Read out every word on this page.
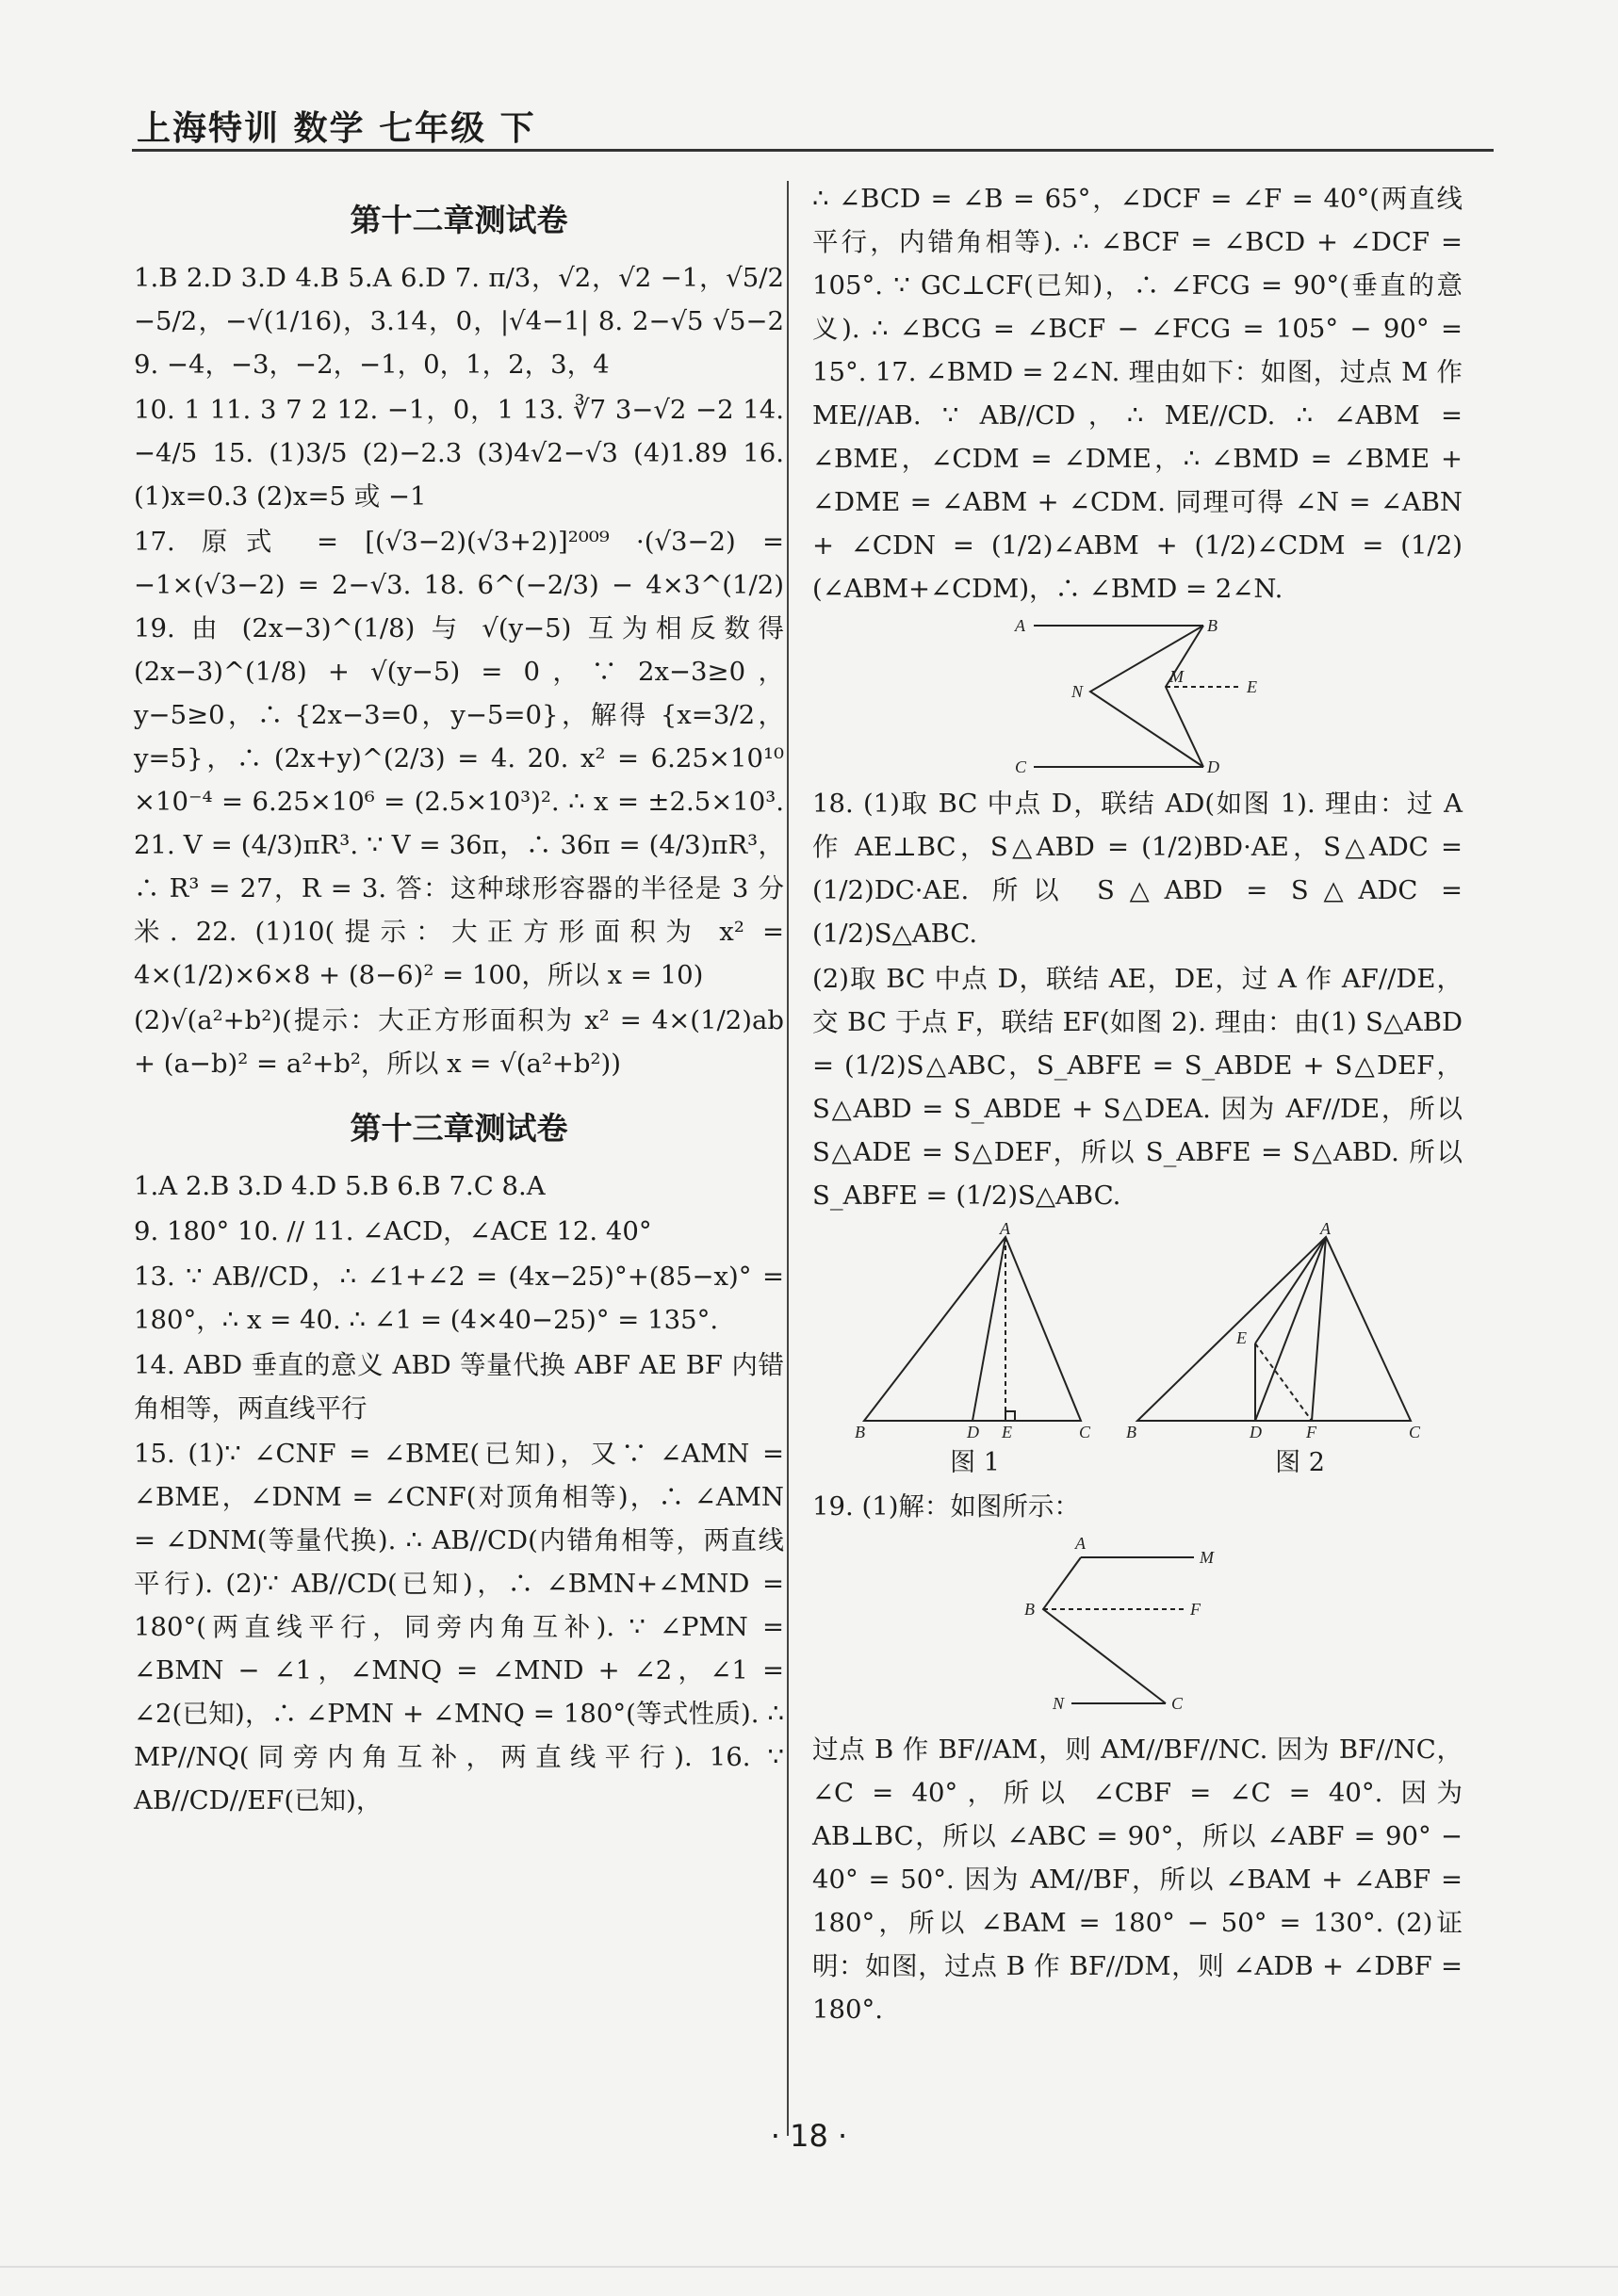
上海特训 数学 七年级 下
第十二章测试卷
1.B 2.D 3.D 4.B 5.A 6.D 7. π/3，√2，√2 −1，√5/2 −5/2，−√(1/16)，3.14，0，|√4−1| 8. 2−√5 √5−2 9. −4，−3，−2，−1，0，1，2，3，4
10. 1 11. 3 7 2 12. −1，0，1 13. ∛7 3−√2 −2 14. −4/5 15. (1)3/5 (2)−2.3 (3)4√2−√3 (4)1.89 16. (1)x=0.3 (2)x=5 或 −1
17. 原式 = [(√3−2)(√3+2)]²⁰⁰⁹ ·(√3−2) = −1×(√3−2) = 2−√3. 18. 6^(−2/3) − 4×3^(1/2) 19. 由 (2x−3)^(1/8) 与 √(y−5) 互为相反数得 (2x−3)^(1/8) + √(y−5) = 0，∵ 2x−3≥0，y−5≥0，∴ {2x−3=0，y−5=0}，解得 {x=3/2，y=5}，∴ (2x+y)^(2/3) = 4. 20. x² = 6.25×10¹⁰ ×10⁻⁴ = 6.25×10⁶ = (2.5×10³)². ∴ x = ±2.5×10³. 21. V = (4/3)πR³. ∵ V = 36π，∴ 36π = (4/3)πR³，∴ R³ = 27，R = 3. 答：这种球形容器的半径是 3 分米. 22. (1)10(提示：大正方形面积为 x² = 4×(1/2)×6×8 + (8−6)² = 100，所以 x = 10)
(2)√(a²+b²)(提示：大正方形面积为 x² = 4×(1/2)ab + (a−b)² = a²+b²，所以 x = √(a²+b²))
第十三章测试卷
1.A 2.B 3.D 4.D 5.B 6.B 7.C 8.A
9. 180° 10. // 11. ∠ACD，∠ACE 12. 40°
13. ∵ AB//CD，∴ ∠1+∠2 = (4x−25)°+(85−x)° = 180°，∴ x = 40. ∴ ∠1 = (4×40−25)° = 135°.
14. ABD 垂直的意义 ABD 等量代换 ABF AE BF 内错角相等，两直线平行
15. (1)∵ ∠CNF = ∠BME(已知)，又∵ ∠AMN = ∠BME，∠DNM = ∠CNF(对顶角相等)，∴ ∠AMN = ∠DNM(等量代换). ∴ AB//CD(内错角相等，两直线平行). (2)∵ AB//CD(已知)，∴ ∠BMN+∠MND = 180°(两直线平行，同旁内角互补). ∵ ∠PMN = ∠BMN − ∠1，∠MNQ = ∠MND + ∠2，∠1 = ∠2(已知)，∴ ∠PMN + ∠MNQ = 180°(等式性质). ∴ MP//NQ(同旁内角互补，两直线平行). 16. ∵ AB//CD//EF(已知)，
∴ ∠BCD = ∠B = 65°，∠DCF = ∠F = 40°(两直线平行，内错角相等). ∴ ∠BCF = ∠BCD + ∠DCF = 105°. ∵ GC⊥CF(已知)，∴ ∠FCG = 90°(垂直的意义). ∴ ∠BCG = ∠BCF − ∠FCG = 105° − 90° = 15°. 17. ∠BMD = 2∠N. 理由如下：如图，过点 M 作 ME//AB. ∵ AB//CD，∴ ME//CD. ∴ ∠ABM = ∠BME，∠CDM = ∠DME，∴ ∠BMD = ∠BME + ∠DME = ∠ABM + ∠CDM. 同理可得 ∠N = ∠ABN + ∠CDN = (1/2)∠ABM + (1/2)∠CDM = (1/2)(∠ABM+∠CDM)，∴ ∠BMD = 2∠N.
A	B
N
M
E
C	D
18. (1)取 BC 中点 D，联结 AD(如图 1). 理由：过 A 作 AE⊥BC，S△ABD = (1/2)BD·AE，S△ADC = (1/2)DC·AE. 所以 S△ABD = S△ADC = (1/2)S△ABC.
(2)取 BC 中点 D，联结 AE，DE，过 A 作 AF//DE，交 BC 于点 F，联结 EF(如图 2). 理由：由(1) S△ABD = (1/2)S△ABC，S_ABFE = S_ABDE + S△DEF，S△ABD = S_ABDE + S△DEA. 因为 AF//DE，所以 S△ADE = S△DEF，所以 S_ABFE = S△ABD. 所以 S_ABFE = (1/2)S△ABC.
A
B	D E	C
A
E
B	D	F	C
图 1	图 2
19. (1)解：如图所示：
A
M
B	F
N	C
过点 B 作 BF//AM，则 AM//BF//NC. 因为 BF//NC，∠C = 40°，所以 ∠CBF = ∠C = 40°. 因为 AB⊥BC，所以 ∠ABC = 90°，所以 ∠ABF = 90° − 40° = 50°. 因为 AM//BF，所以 ∠BAM + ∠ABF = 180°，所以 ∠BAM = 180° − 50° = 130°. (2)证明：如图，过点 B 作 BF//DM，则 ∠ADB + ∠DBF = 180°.
· 18 ·
